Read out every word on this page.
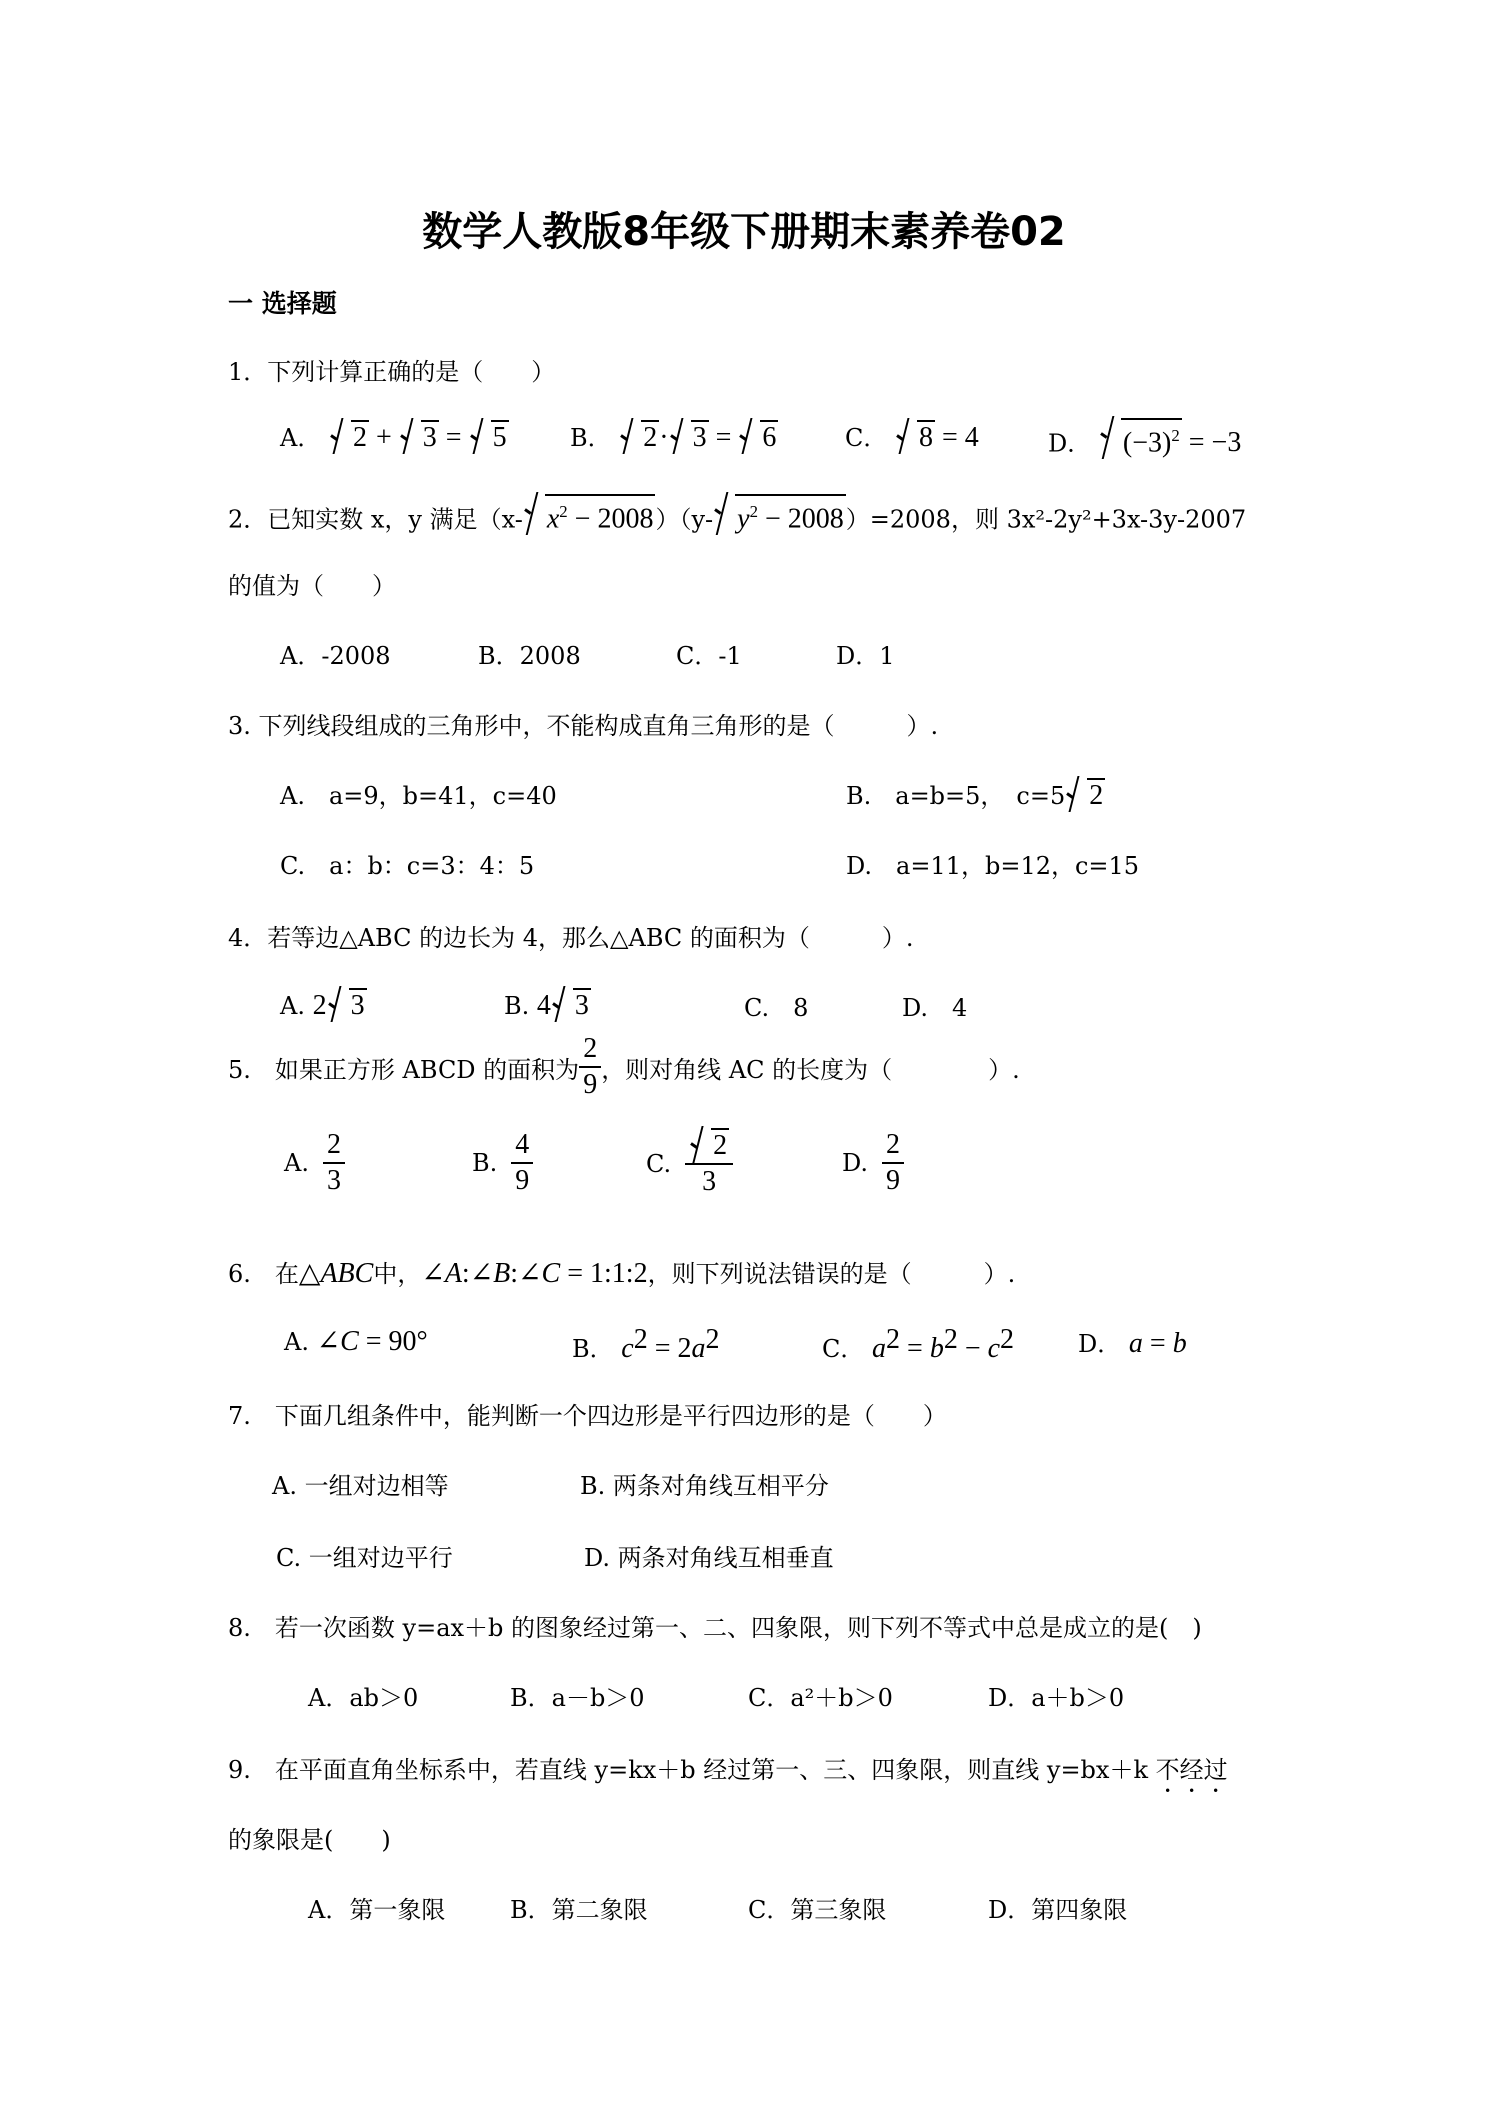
数学人教版8年级下册期末素养卷02
一 选择题
1．下列计算正确的是（　　）
A． 2 + 3 = 5	B． 2· 3 = 6	C． 8 = 4	D． $(-3)^2 = -3$
2．已知实数 x，y 满足（x- $x^2 - 2008)(y-$ $y^2 - 2008)=2008$，则 3x²-2y²+3x-3y-2007
的值为（　　）
A．-2008	B．2008	C．-1	D．1
3. 下列线段组成的三角形中，不能构成直角三角形的是（　　　）.
A.　 a=9，b=41，c=40	B.　 a=b=5，　c=5 2
C.　 a：b：c=3：4：5	D.　 a=11，b=12，c=15
4．若等边△ABC 的边长为 4，那么△ABC 的面积为（　　　）.
A. 2 3	B. 4 3	C.　8	D.　4
5.　如果正方形 ABCD 的面积为 $\frac{2}{9}$ ，则对角线 AC 的长度为（　　　　）.
A. $\frac{2}{3}$	B. $\frac{4}{9}$	C. $\frac{2}{3}$	D. $\frac{2}{9}$
6.　在△ABC中，∠A:∠B:∠C = 1:1:2，则下列说法错误的是（　　　）.
A. ∠C = 90°	B． $c^2 = 2a^2$	C． $a^2 = b^2 - c^2$	D． a = b
7.　下面几组条件中，能判断一个四边形是平行四边形的是（　　）
A. 一组对边相等	B. 两条对角线互相平分
C. 一组对边平行	D. 两条对角线互相垂直
8.　若一次函数 y=ax＋b 的图象经过第一、二、四象限，则下列不等式中总是成立的是(　)
A．ab＞0	B．a－b＞0	C．a²＋b＞0	D．a＋b＞0
9.　在平面直角坐标系中，若直线 y=kx＋b 经过第一、三、四象限，则直线 y=bx＋k 不经过
的象限是(　　)
A．第一象限	B．第二象限	C．第三象限	D．第四象限
